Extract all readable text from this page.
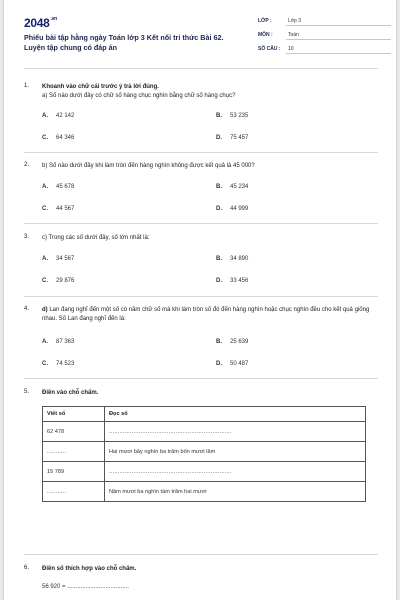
$2048^{.vn}$
Phiếu bài tập hằng ngày Toán lớp 3 Kết nối tri thức Bài 62. Luyện tập chung có đáp án
LỚP :	Lớp 3
MÔN :	Toán
SỐ CÂU : 10
1. Khoanh vào chữ cái trước ý trả lời đúng.
a) Số nào dưới đây có chữ số hàng chục nghìn bằng chữ số hàng chục?
A. 42 142	B. 53 235
C. 64 346	D. 75 457
2. b) Số nào dưới đây khi làm tròn đến hàng nghìn không được kết quả là 45 000?
A. 45 678	B. 45 234
C. 44 567	D. 44 999
3. c) Trong các số dưới đây, số lớn nhất là:
A. 34 567	B. 34 890
C. 29 876	D. 33 456
4. d) Lan đang nghĩ đến một số có năm chữ số mà khi làm tròn số đó đến hàng nghìn hoặc chục nghìn đều cho kết quả giống nhau. Số Lan đang nghĩ đến là:
A. 87 363	B. 25 639
C. 74 523	D. 50 487
5. Điền vào chỗ chấm.
Viết số	Đọc số
62 478	......................................................................
...........	Hai mươi bảy nghìn ba trăm bốn mươi lăm
15 789	......................................................................
...........	Năm mươi ba nghìn tám trăm hai mươi
6. Điền số thích hợp vào chỗ chấm.
56 920 = .....................................
